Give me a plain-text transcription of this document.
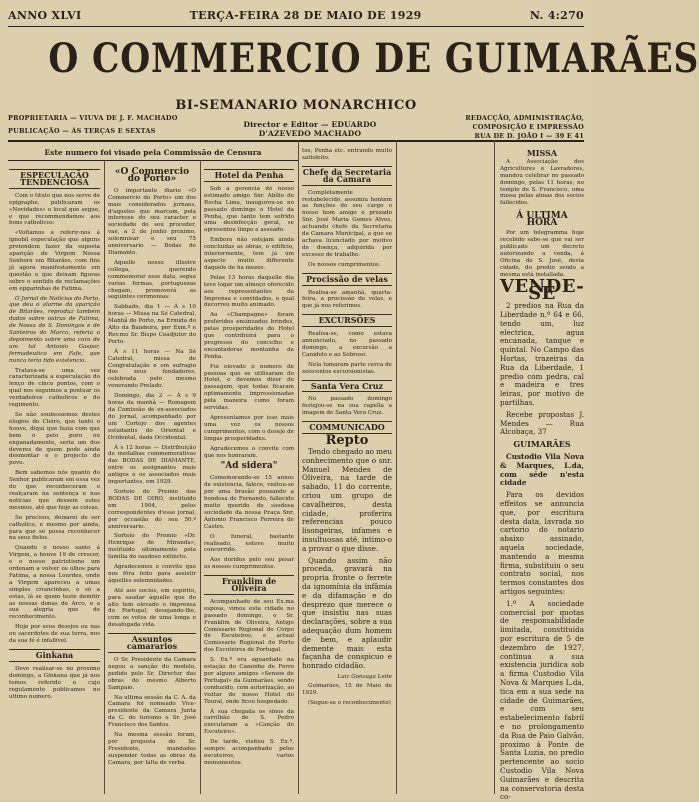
ANNO XLVI	TERÇA-FEIRA 28 DE MAIO DE 1929	N. 4:270
O COMMERCIO DE GUIMARÃES
BI-SEMANARIO MONARCHICO
PROPRIETARIA — VIUVA DE J. F. MACHADO
PUBLICAÇÃO — ÁS TERÇAS E SEXTAS
Director e Editor — EDUARDO D'AZEVEDO MACHADO
REDACÇÃO, ADMINISTRAÇÃO, COMPOSIÇÃO E IMPRESSÃO
RUA DE D. JOÃO I — 39 E 41
Este numero foi visado pela Commissão de Censura
ESPECULAÇÃO TENDENCIOSA

Com o titulo que nos serve de epigraphe, publicaram os «Novidades» o local que segue, e que recommendamos aos bons catholicos:

«Voltamos a referir-nos á ignobil especulação que alguns pretendem fazer da suposta aparição de Virgem Nossa Senhora em Bitarães, com fins já agora manifestamente em questão e que deixam figuras sobre o sentido de reclamações em epgarinhas de Fatima.

O Jornal de Noticias do Porto, que deu o alarme da aparição de Bitarães, reproduz também dados sobre outras de Fatima, de Nossa de S. Domingos e de Santeiros do Marco, referiu o depoimento sobre uma cura de um tal Antonio Gaspar, fermadeutico em Fafe, que nunca teria tido existencia.

Tratava-se uma vez caracterizada a especulação do lenço de cinco pontos, com o qual nos seguimos a pontuar os verdadeiros catholicos e do regimento.

Se não soubessemos destes elogios do Cleiro, que tanto o houve, diqui que fazia com que bem o pelo puro ou enganadamente, seria um dos deveres de quem pode ainda desmontar e o projecto do povo.

Bem sabemos nós quanto do Senhor publicaram em essa vez do que reconheceram e realçaram na sentença e nas noticias que dessem estes mesmos, até que hoje as coisas.

Se precisos, deixarei de ser catholico, e mesmo por ainda, para que se possa reconhecer na seus fielos.

Quando o nosso santo á Virgem, a houve 19 de crescer, e o nosso patriotismo um ordenam a volver os olhos para Fatima, a nossa Lourdes, onde a Virgem apareceu a umas simples criancinhas, e só a estas, lá se quem teste demitir as nossas donas de Arco, e a sua alegria que de reconhecimento.

Hoje por seus desejos ou nas ou sacerdotes de sua terra, nos da sua fé é infallivel.

Ginkana

Deve realisar-se no proximo domingo, a Ginkana que já nos temos referido e cujo regulamento publicamos no ultimo numero.

«O Commercio do Porto»

O importante diario «O Commercio do Porto» um dos mais considerados jornaes, d'aqueles que marcam, pela interesse do seu caracter e sociedade do seu proceder, vae, a 2 de junho proximo, solemnisar o seu 75 anniversario — Bodas de Diamante.

Aquelle nosso illustre collega, querendo commemorar esse data, segue varias formas, portuguezas chegam, promoverá as seguintes cerimonias:

Sabbado, dia 1 — Á s 10 horas — Missa na Sé Catedral, Manhã do Porto, na Ermida do Alto da Bandeira, por Exm.º e Rev.mo Sr. Bispo Coadjutor do Porto.

Á s 11 horas — Na Sé Catedral, missa de Congratulação e em sufragio dos seus fundadores, celebrada pelo mesmo venerando Prelado.

Domingo, dia 2 — Á s 9 horas da manhã — Romagem da Comissão de ex-associados do jornal, acompanhado por um Cortejo dos agentes estudantis do Oriental e Ocidental, dada Occidental.

Á s 12 horas — Distribuição de medalhas commemorativas das BODAS DE DIAMANTE, entre os assignantes mais antigos e os associados mais importantes, em 1929.

Sorteio do Premio das BODAS DE OIRO, instituido em 1904, pelos correspondentes d'esse jornal, por occasião do seu 50.º anniversario.

Sorteio do Premio «Dr. Henrique de Miranda», instituido ultimamente pela familia do saudoso extincto.

Agradecemos o convite que nos fôra feito para assistir áquelles solemnidades.

Até aos socios, em espirito, para saudar áquelle que do alto tem elevado o imprensa do Portugal, desejando-lhe, com os votos de uma longa e desafogada vida.

Assuntos camararios

O Sr. Presidente da Camara negou a sanção do modelo, pedido pelo Sr. Director das obras do mesmo Alberto Sampaio.

Na ultima sessão da C. A. da Camara foi nomeado Vice-presidente da Camara Junta da C. do turismo o Sr. José Francisco dos Santos.

Na mesma sessão foram, por proposta do Sr. Presidente, mandadas suspender todas as obras da Camara, por falta de verba.

Hotel da Penha

Sob a gerencia do nosso estimado amigo Snr. Abílio de Rocha Lima, inaugurou-se no passado domingo o Hotel da Penha, que tanto tem sofrido uma desinfecção geral, se apresentou limpo e asseado.

Embora não estejam ainda concluidas as obras, o edificio, interiormente, tem já um aspecto muito differente daquele de ha mezes.

Pelas 13 horas daquelle dia teve logar um almoço oferecido aos representantes da Imprensa e convidados, o qual decorreu muito animado.

Ao «Champagne» foram proferidos ensinoados brindes, pelas prosperidades do Hotel que contribuirá para o progresso do concelho e encantadoras montanha da Penha.

Foi elevado o numero de pessoas que se utilisaram do Hotel, e devemos dizer de passagem, que todas ficaram optimamente impressionadas pela maneira como foram servidas.

Apresentamos por isso mais uma vez os nossos cumprimentos, com o desejo de longas prosperidades.

Agradecemos o convite com que nos honraram.

"Ad sidera"

Comemorando-se 15 annos de existencia, falece, visitou-se por uma brasão pousando a bondosa de Fernando, fallecido muito querido de saudosa sociedade da nossa Praça Snr. Antonio Francisco Ferreira de Castro.

O funeral, bastante realisado, esteve muito concorrido.

Aos doridos pelo seu pesar os nossos cumprimentos.

Franklim de Oliveira

Acompanhado de seu Ex.ma esposa, vimos esta cidade no passado domingo, o Sr. Franklim de Oliveira, Antigo Comissario Regional do Corpo de Escuteiros, e actual Comissario Regional do Porto dos Escuteiros de Portugal.

S. Ex.ª era aguardado na estação do Caminho de Ferro por alguns amigos «Sensos de Portugal» da Guimarães, sendo conduzido, com autorização, ao visitar do nosso Hotel do Toural, onde ficou hospedado.

Á sua chegada os sinos da carrilhão de S. Pedro executaram a «Canção do Escuteiro».

De tarde, visitou S. Ex.ª, sempre acompanhado pelos escuteiros, varios monumentos.

tos, Penha etc. entrando muito satisfeito.

Chefe da Secretaria da Camara

Completamente restabelecido, assumiu hontem as funções do seu cargo o nosso bom amigo e prezado Snr. José Maria Gomes Alves, actuando chefe da Secretaria da Camara Municipal, a que se achava licenciado por motivo de doença, adquirida por excesso de trabalho.

Os nossos cumprimentos.

Procissão de velas

Realisa-se amanhã, quarta-feira, a procissão de velas, e que já nos referimos.

EXCURSÕES

Realisa-se, como estava annunciado, no passado domingo, a excursão a Canidelo e ao Sobroso.

Nela tomaram parte cerca de seiscentos excursionistas.

Santa Vera Cruz

No passado domingo festejou-se na sua capella a imagem de Santa Vera Cruz.

COMMUNICADO
Repto

Tendo chegado ao meu conhecimento que o snr. Manuel Mendes de Oliveira, na tarde de sabado, 11 do corrente, criou um grupo de cavalheiros, desta cidade, proferira referencias pouco lisongeiras, infames e insultuosas até, intimo-o a provar o que disse.

Quando assim não proceda, gravará na propria fronte o ferrete da ignomínia da infâmia e da difamação e do desprezo que merece o que insistiu nas suas declarações, sobre a sua adequação dum homem de bem, e aplaudir demente mais esta façanha de conspicuo e honrado cidadão.

Luiz Gonzaga Leite

Guimarães, 15 de Maio de 1929.

(Segue-se o reconhecimento)

MISSA

A Associação dos Agricultores e Lavradores, mandou celebrar no passado domingo, pelas 11 horas, no templo de S. Francisco, uma missa pelas almas dos socios fallecidos.

Á ULTIMA HORA

Por um telegramma hoje recebido sabe-se que vai ser publicado um decreto autorizando a venda, á Oficina de S. José, desta cidade, do predio sendo a mesma está installada.

VENDE-SE

2 predios na Rua da Liberdade n.º 64 e 66, tendo um, luz electrica, agua encanada, tanque e quintal. No Campo das Hortas, trazeiras da Rua da Liberdade, 1 predio com pedra, cal e madeira e tres leiras, por motivo de partilhas.

Recebe propostas J. Mendes — Rua Alcobaça, 37

GUIMARÃES

Custodio Vila Nova & Marques, L.da, com séde n'esta cidade

Para os devidos effeitos se annuncia que, por escritura desta data, lavrada no cartorio do notario abaixo assinado, aquela sociedade, mantendo a mesma firma, substituiu o seu contrato social, nos termos constantes dos artigos seguintes:

1.º A sociedade comercial por quotas de responsabilidade limitada, constituida por escritura de 5 de dezembro de 1927, continua a sua existencia juridica sob a firma Custodio Vila Nova & Marques L.da, tica em a sua sede na cidade de Guimarães, e com seu estabelecimento fabril e no prolongamento da Rua de Paio Galvão, proximo á Ponte de Santa Luzia, no predio pertencente ao socio Custodio Vila Nova Guimarães e descrita na conservatoria desta co-
